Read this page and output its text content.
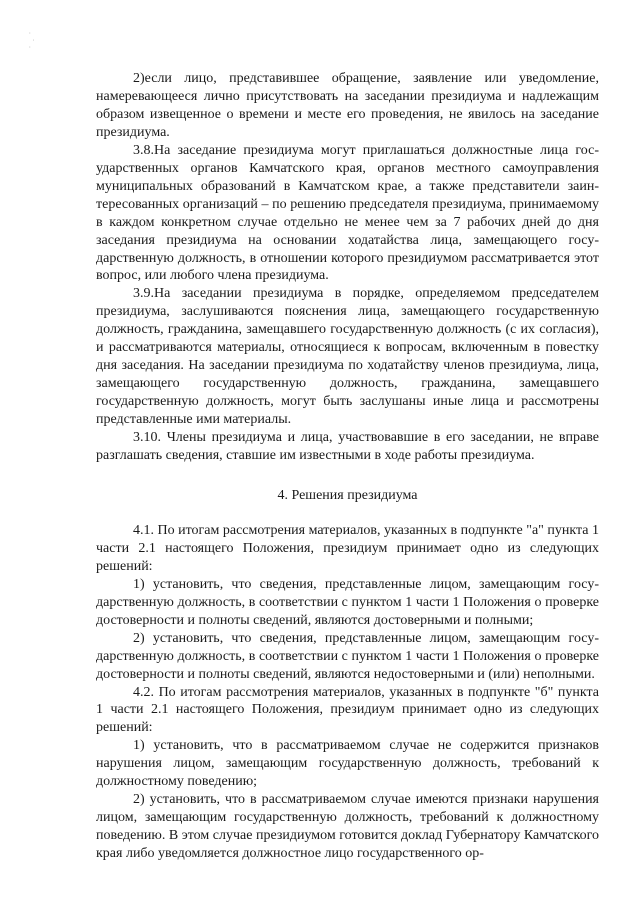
·
·
·

2)если лицо, представившее обращение, заявление или уведомление, намеревающееся лично присутствовать на заседании президиума и надлежащим образом извещенное о времени и месте его проведения, не явилось на заседание президиума.

3.8.На заседание президиума могут приглашаться должностные лица государственных органов Камчатского края, органов местного самоуправления муниципальных образований в Камчатском крае, а также представители заинтересованных организаций – по решению председателя президиума, принимаемому в каждом конкретном случае отдельно не менее чем за 7 рабочих дней до дня заседания президиума на основании ходатайства лица, замещающего государственную должность, в отношении которого президиумом рассматривается этот вопрос, или любого члена президиума.

3.9.На заседании президиума в порядке, определяемом председателем президиума, заслушиваются пояснения лица, замещающего государственную должность, гражданина, замещавшего государственную должность (с их согласия), и рассматриваются материалы, относящиеся к вопросам, включенным в повестку дня заседания. На заседании президиума по ходатайству членов президиума, лица, замещающего государственную должность, гражданина, замещавшего государственную должность, могут быть заслушаны иные лица и рассмотрены представленные ими материалы.

3.10. Члены президиума и лица, участвовавшие в его заседании, не вправе разглашать сведения, ставшие им известными в ходе работы президиума.

4. Решения президиума

4.1. По итогам рассмотрения материалов, указанных в подпункте "а" пункта 1 части 2.1 настоящего Положения, президиум принимает одно из следующих решений:

1) установить, что сведения, представленные лицом, замещающим государственную должность, в соответствии с пунктом 1 части 1 Положения о проверке достоверности и полноты сведений, являются достоверными и полными;

2) установить, что сведения, представленные лицом, замещающим государственную должность, в соответствии с пунктом 1 части 1 Положения о проверке достоверности и полноты сведений, являются недостоверными и (или) неполными.

4.2. По итогам рассмотрения материалов, указанных в подпункте "б" пункта 1 части 2.1 настоящего Положения, президиум принимает одно из следующих решений:

1) установить, что в рассматриваемом случае не содержится признаков нарушения лицом, замещающим государственную должность, требований к должностному поведению;

2) установить, что в рассматриваемом случае имеются признаки нарушения лицом, замещающим государственную должность, требований к должностному поведению. В этом случае президиумом готовится доклад Губернатору Камчатского края либо уведомляется должностное лицо государственного ор-
